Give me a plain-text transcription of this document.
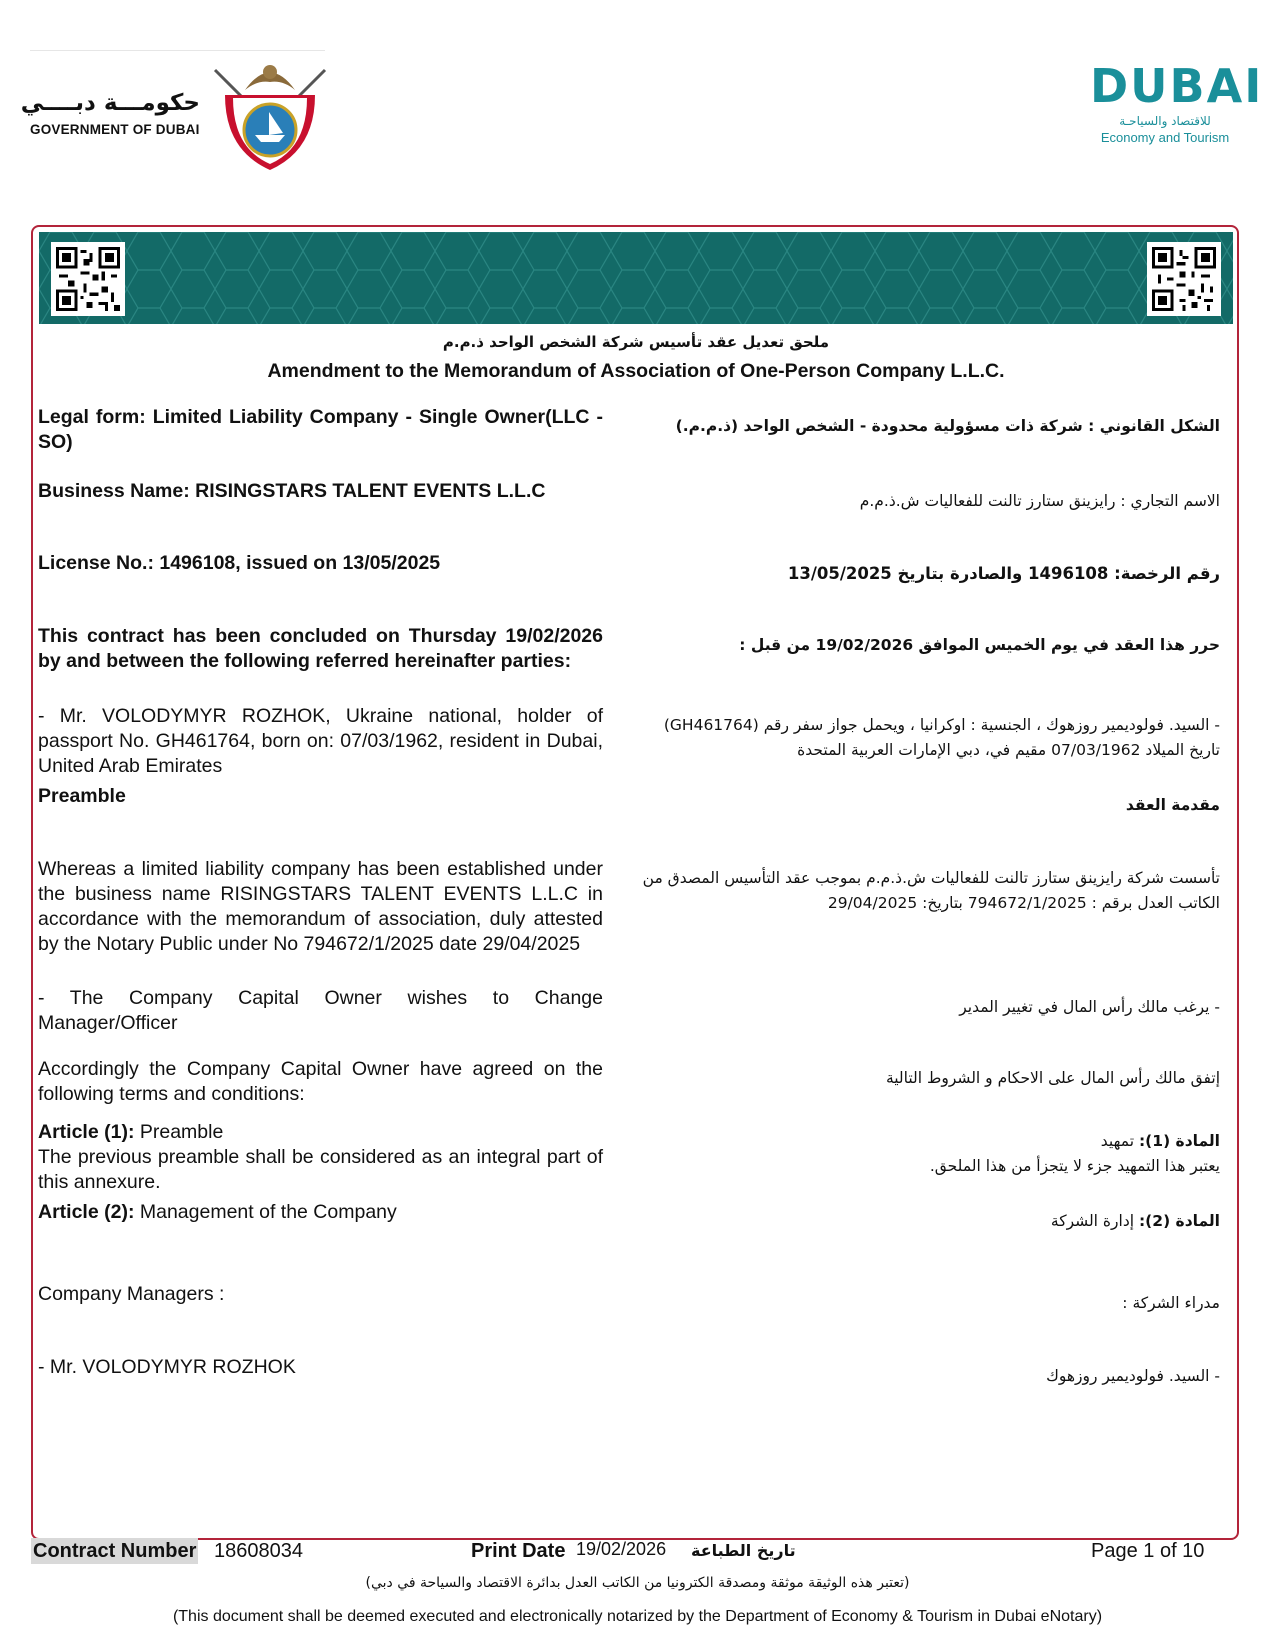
حكومـــة دبــــي
GOVERNMENT OF DUBAI
DUBAI
للاقتصاد والسياحـة
Economy and Tourism
ملحق تعديل عقد تأسيس شركة الشخص الواحد ذ.م.م
Amendment to the Memorandum of Association of One-Person Company L.L.C.
Legal form: Limited Liability Company - Single Owner(LLC - SO)
الشكل القانوني : شركة ذات مسؤولية محدودة - الشخص الواحد (ذ.م.م.)
Business Name: RISINGSTARS TALENT EVENTS L.L.C	الاسم التجاري : رايزينق ستارز تالنت للفعاليات ش.ذ.م.م
License No.: 1496108, issued on 13/05/2025	رقم الرخصة: 1496108 والصادرة بتاريخ 13/05/2025
This contract has been concluded on Thursday 19/02/2026 by and between the following referred hereinafter parties:
حرر هذا العقد في يوم الخميس الموافق 19/02/2026 من قبل :
- Mr. VOLODYMYR ROZHOK, Ukraine national, holder of passport No. GH461764, born on: 07/03/1962, resident in Dubai, United Arab Emirates
- السيد. فولوديمير روزهوك ، الجنسية : اوكرانيا ، ويحمل جواز سفر رقم (GH461764) تاريخ الميلاد 07/03/1962 مقيم في، دبي الإمارات العربية المتحدة
Preamble	مقدمة العقد
Whereas a limited liability company has been established under the business name RISINGSTARS TALENT EVENTS L.L.C in accordance with the memorandum of association, duly attested by the Notary Public under No 794672/1/2025 date 29/04/2025
تأسست شركة رايزينق ستارز تالنت للفعاليات ش.ذ.م.م بموجب عقد التأسيس المصدق من الكاتب العدل برقم : 794672/1/2025 بتاريخ: 29/04/2025
- The Company Capital Owner wishes to Change Manager/Officer
- يرغب مالك رأس المال في تغيير المدير
Accordingly the Company Capital Owner have agreed on the following terms and conditions:
إتفق مالك رأس المال على الاحكام و الشروط التالية
Article (1): Preamble
The previous preamble shall be considered as an integral part of this annexure.
المادة (1): تمهيد
يعتبر هذا التمهيد جزء لا يتجزأ من هذا الملحق.
Article (2): Management of the Company	المادة (2): إدارة الشركة
Company Managers :	مدراء الشركة :
- Mr. VOLODYMYR ROZHOK	- السيد. فولوديمير روزهوك
Contract Number 18608034	Print Date 19/02/2026 تاريخ الطباعة	Page 1 of 10
(تعتبر هذه الوثيقة موثقة ومصدقة الكترونيا من الكاتب العدل بدائرة الاقتصاد والسياحة في دبي)
(This document shall be deemed executed and electronically notarized by the Department of Economy & Tourism in Dubai eNotary)
